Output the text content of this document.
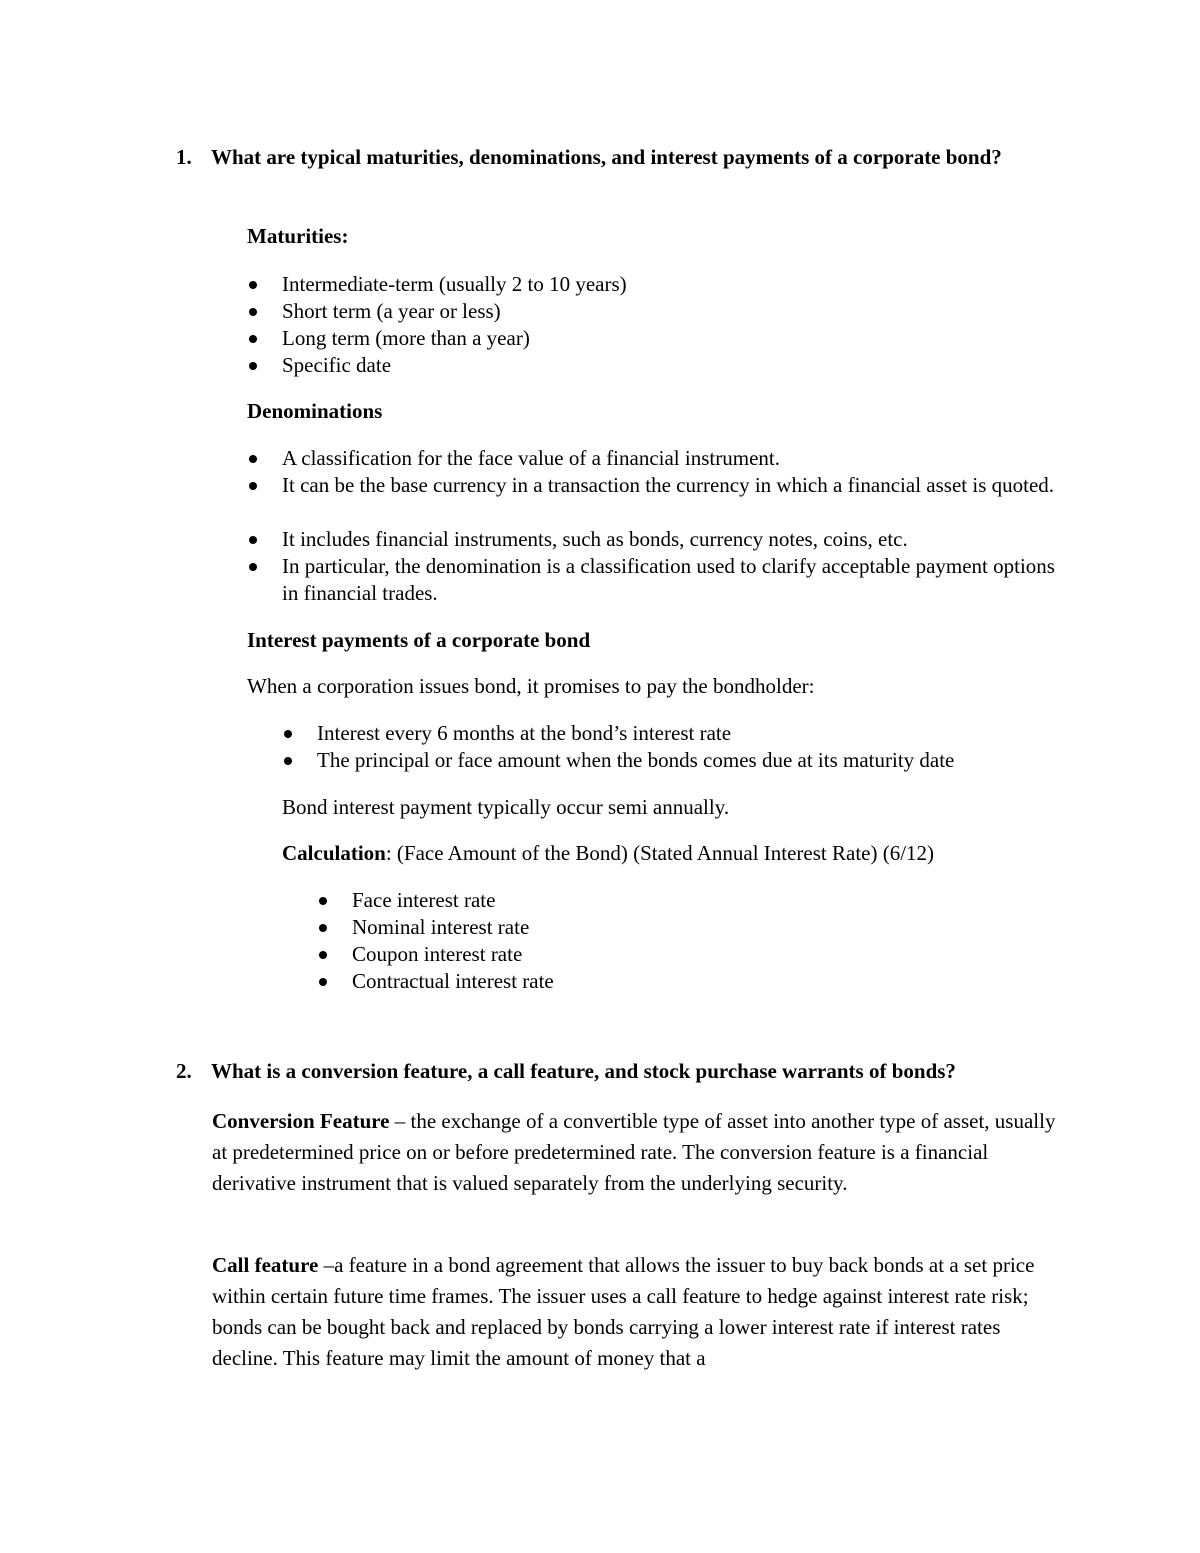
1. What are typical maturities, denominations, and interest payments of a corporate bond?
Maturities:
Intermediate-term (usually 2 to 10 years)
Short term (a year or less)
Long term (more than a year)
Specific date
Denominations
A classification for the face value of a financial instrument.
It can be the base currency in a transaction the currency in which a financial asset is quoted.
It includes financial instruments, such as bonds, currency notes, coins, etc.
In particular, the denomination is a classification used to clarify acceptable payment options in financial trades.
Interest payments of a corporate bond
When a corporation issues bond, it promises to pay the bondholder:
Interest every 6 months at the bond’s interest rate
The principal or face amount when the bonds comes due at its maturity date
Bond interest payment typically occur semi annually.
Calculation: (Face Amount of the Bond) (Stated Annual Interest Rate) (6/12)
Face interest rate
Nominal interest rate
Coupon interest rate
Contractual interest rate
2. What is a conversion feature, a call feature, and stock purchase warrants of bonds?
Conversion Feature – the exchange of a convertible type of asset into another type of asset, usually at predetermined price on or before predetermined rate. The conversion feature is a financial derivative instrument that is valued separately from the underlying security.
Call feature –a feature in a bond agreement that allows the issuer to buy back bonds at a set price within certain future time frames. The issuer uses a call feature to hedge against interest rate risk; bonds can be bought back and replaced by bonds carrying a lower interest rate if interest rates decline. This feature may limit the amount of money that a
